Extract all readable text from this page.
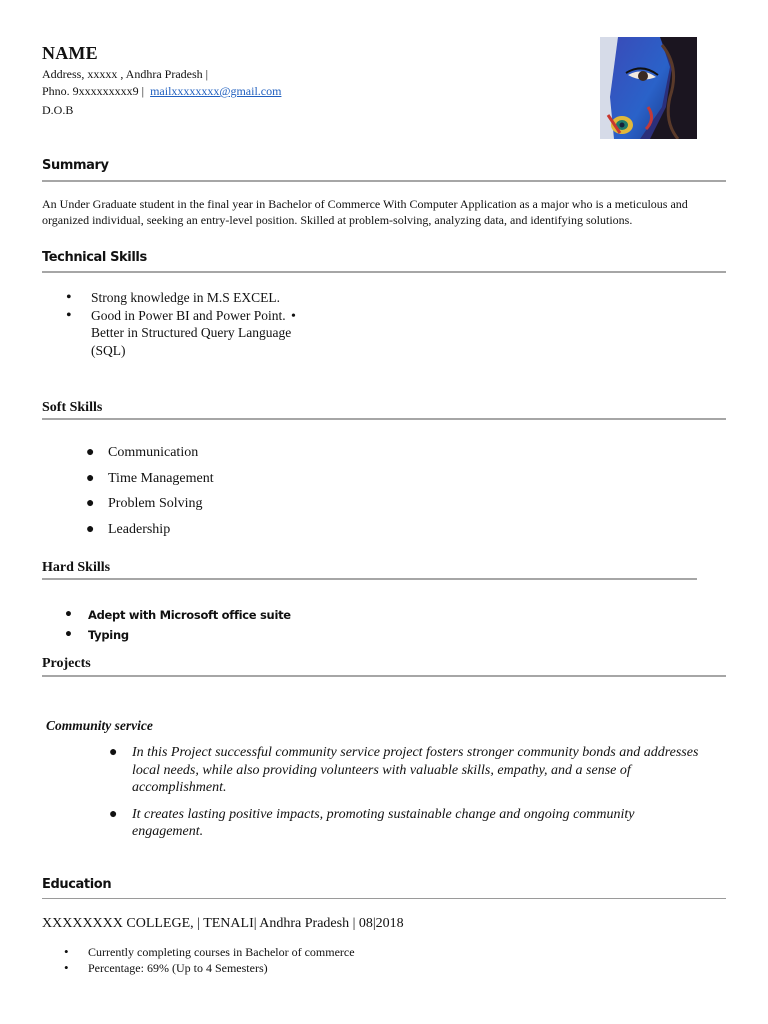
NAME
Address, xxxxx , Andhra Pradesh |
Phno. 9xxxxxxxxx9 | mailxxxxxxxx@gmail.com
D.O.B
Summary
An Under Graduate student in the final year in Bachelor of Commerce With Computer Application as a major who is a meticulous and organized individual, seeking an entry-level position. Skilled at problem-solving, analyzing data, and identifying solutions.
Technical Skills
• Strong knowledge in M.S EXCEL.
• Good in Power BI and Power Point.
Better in Structured Query Language (SQL)
•
Soft Skills
● Communication
● Time Management
● Problem Solving
● Leadership
Hard Skills
• Adept with Microsoft office suite
• Typing
Projects
Community service
● In this Project successful community service project fosters stronger community bonds and addresses local needs, while also providing volunteers with valuable skills, empathy, and a sense of accomplishment.
● It creates lasting positive impacts, promoting sustainable change and ongoing community engagement.
Education
XXXXXXXX COLLEGE, | TENALI| Andhra Pradesh | 08|2018
• Currently completing courses in Bachelor of commerce
• Percentage: 69% (Up to 4 Semesters)
